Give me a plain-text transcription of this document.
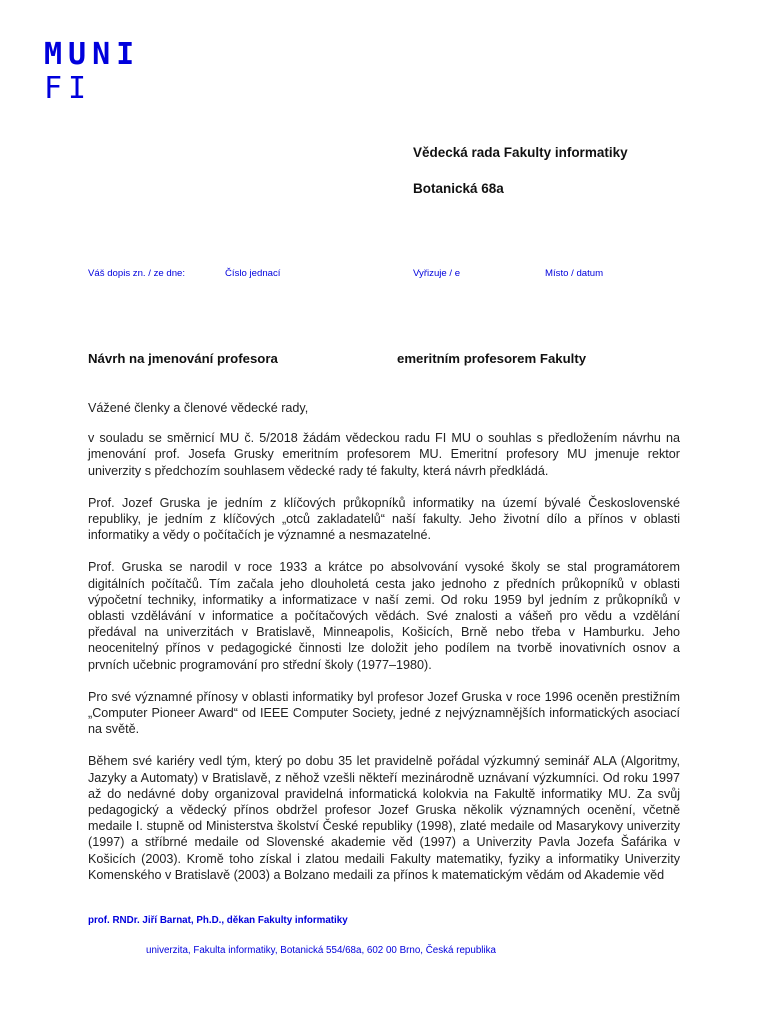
MUNI
FI
Vědecká rada Fakulty informatiky
Botanická 68a
Váš dopis zn. / ze dne:	Číslo jednací	Vyřizuje / e	Místo / datum
Návrh na jmenování profesora	emeritním profesorem Fakulty

Vážené členky a členové vědecké rady,

v souladu se směrnicí MU č. 5/2018 žádám vědeckou radu FI MU o souhlas s předložením návrhu na jmenování prof. Josefa Grusky emeritním profesorem MU. Emeritní profesory MU jmenuje rektor univerzity s předchozím souhlasem vědecké rady té fakulty, která návrh předkládá.

Prof. Jozef Gruska je jedním z klíčových průkopníků informatiky na území bývalé Československé republiky, je jedním z klíčových „otců zakladatelů“ naší fakulty. Jeho životní dílo a přínos v oblasti informatiky a vědy o počítačích je významné a nesmazatelné.

Prof. Gruska se narodil v roce 1933 a krátce po absolvování vysoké školy se stal programátorem digitálních počítačů. Tím začala jeho dlouholetá cesta jako jednoho z předních průkopníků v oblasti výpočetní techniky, informatiky a informatizace v naší zemi. Od roku 1959 byl jedním z průkopníků v oblasti vzdělávání v informatice a počítačových vědách. Své znalosti a vášeň pro vědu a vzdělání předával na univerzitách v Bratislavě, Minneapolis, Košicích, Brně nebo třeba v Hamburku. Jeho neocenitelný přínos v pedagogické činnosti lze doložit jeho podílem na tvorbě inovativních osnov a prvních učebnic programování pro střední školy (1977–1980).

Pro své významné přínosy v oblasti informatiky byl profesor Jozef Gruska v roce 1996 oceněn prestižním „Computer Pioneer Award“ od IEEE Computer Society, jedné z nejvýznamnějších informatických asociací na světě.

Během své kariéry vedl tým, který po dobu 35 let pravidelně pořádal výzkumný seminář ALA (Algoritmy, Jazyky a Automaty) v Bratislavě, z něhož vzešli někteří mezinárodně uznávaní výzkumníci. Od roku 1997 až do nedávné doby organizoval pravidelná informatická kolokvia na Fakultě informatiky MU. Za svůj pedagogický a vědecký přínos obdržel profesor Jozef Gruska několik významných ocenění, včetně medaile I. stupně od Ministerstva školství České republiky (1998), zlaté medaile od Masarykovy univerzity (1997) a stříbrné medaile od Slovenské akademie věd (1997) a Univerzity Pavla Jozefa Šafárika v Košicích (2003). Kromě toho získal i zlatou medaili Fakulty matematiky, fyziky a informatiky Univerzity Komenského v Bratislavě (2003) a Bolzano medaili za přínos k matematickým vědám od Akademie věd

prof. RNDr. Jiří Barnat, Ph.D., děkan Fakulty informatiky
univerzita, Fakulta informatiky, Botanická 554/68a, 602 00 Brno, Česká republika
